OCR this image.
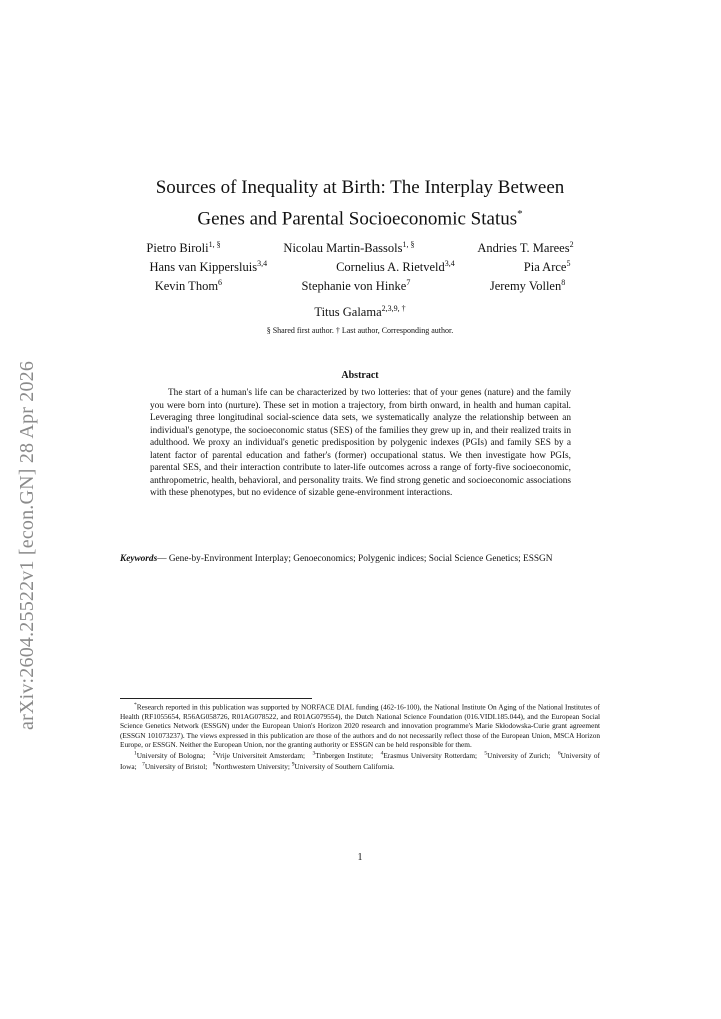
arXiv:2604.25522v1 [econ.GN] 28 Apr 2026
Sources of Inequality at Birth: The Interplay Between
Genes and Parental Socioeconomic Status*
Pietro Biroli$^{1, \S}$	Nicolau Martin-Bassols$^{1, \S}$	Andries T. Marees$^2$
Hans van Kippersluis$^{3,4}$	Cornelius A. Rietveld$^{3,4}$	Pia Arce$^5$
Kevin Thom$^6$	Stephanie von Hinke$^7$	Jeremy Vollen$^8$
Titus Galama$^{2,3,9, \dagger}$
§ Shared first author. † Last author, Corresponding author.
Abstract

The start of a human's life can be characterized by two lotteries: that of your genes (nature) and the family you were born into (nurture). These set in motion a trajectory, from birth onward, in health and human capital. Leveraging three longitudinal social-science data sets, we systematically analyze the relationship between an individual's genotype, the socioeconomic status (SES) of the families they grew up in, and their realized traits in adulthood. We proxy an individual's genetic predisposition by polygenic indexes (PGIs) and family SES by a latent factor of parental education and father's (former) occupational status. We then investigate how PGIs, parental SES, and their interaction contribute to later-life outcomes across a range of forty-five socioeconomic, anthropometric, health, behavioral, and personality traits. We find strong genetic and socioeconomic associations with these phenotypes, but no evidence of sizable gene-environment interactions.

Keywords— Gene-by-Environment Interplay; Genoeconomics; Polygenic indices; Social Science Genetics; ESSGN

*Research reported in this publication was supported by NORFACE DIAL funding (462-16-100), the National Institute On Aging of the National Institutes of Health (RF1055654, R56AG058726, R01AG078522, and R01AG079554), the Dutch National Science Foundation (016.VIDI.185.044), and the European Social Science Genetics Network (ESSGN) under the European Union's Horizon 2020 research and innovation programme's Marie Skłodowska-Curie grant agreement (ESSGN 101073237). The views expressed in this publication are those of the authors and do not necessarily reflect those of the European Union, MSCA Horizon Europe, or ESSGN. Neither the European Union, nor the granting authority or ESSGN can be held responsible for them.

$^1$University of Bologna; $^2$Vrije Universiteit Amsterdam; $^3$Tinbergen Institute; $^4$Erasmus University Rotterdam; $^5$University of Zurich; $^6$University of Iowa; $^7$University of Bristol; $^8$Northwestern University; $^9$University of Southern California.

1
